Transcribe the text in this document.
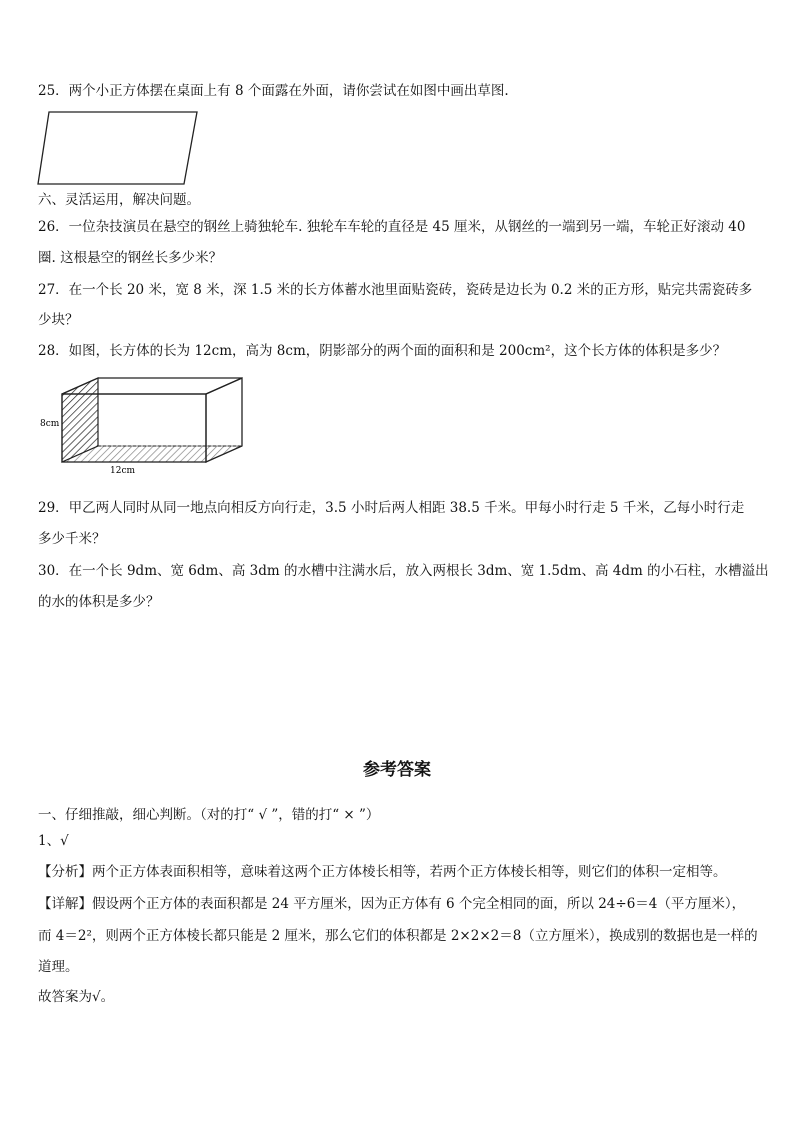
25．两个小正方体摆在桌面上有 8 个面露在外面，请你尝试在如图中画出草图.
六、灵活运用，解决问题。
26．一位杂技演员在悬空的钢丝上骑独轮车. 独轮车车轮的直径是 45 厘米，从钢丝的一端到另一端，车轮正好滚动 40
圈. 这根悬空的钢丝长多少米？
27．在一个长 20 米，宽 8 米，深 1.5 米的长方体蓄水池里面贴瓷砖，瓷砖是边长为 0.2 米的正方形，贴完共需瓷砖多
少块？
28．如图，长方体的长为 12cm，高为 8cm，阴影部分的两个面的面积和是 200cm²，这个长方体的体积是多少？
8cm
12cm
29．甲乙两人同时从同一地点向相反方向行走，3.5 小时后两人相距 38.5 千米。甲每小时行走 5 千米，乙每小时行走
多少千米？
30．在一个长 9dm、宽 6dm、高 3dm 的水槽中注满水后，放入两根长 3dm、宽 1.5dm、高 4dm 的小石柱，水槽溢出
的水的体积是多少？
参考答案
一、仔细推敲，细心判断。（对的打“ √ ”，错的打“ × ”）
1、√
【分析】两个正方体表面积相等，意味着这两个正方体棱长相等，若两个正方体棱长相等，则它们的体积一定相等。
【详解】假设两个正方体的表面积都是 24 平方厘米，因为正方体有 6 个完全相同的面，所以 24÷6＝4（平方厘米），
而 4＝2²，则两个正方体棱长都只能是 2 厘米，那么它们的体积都是 2×2×2＝8（立方厘米），换成别的数据也是一样的
道理。
故答案为√。
